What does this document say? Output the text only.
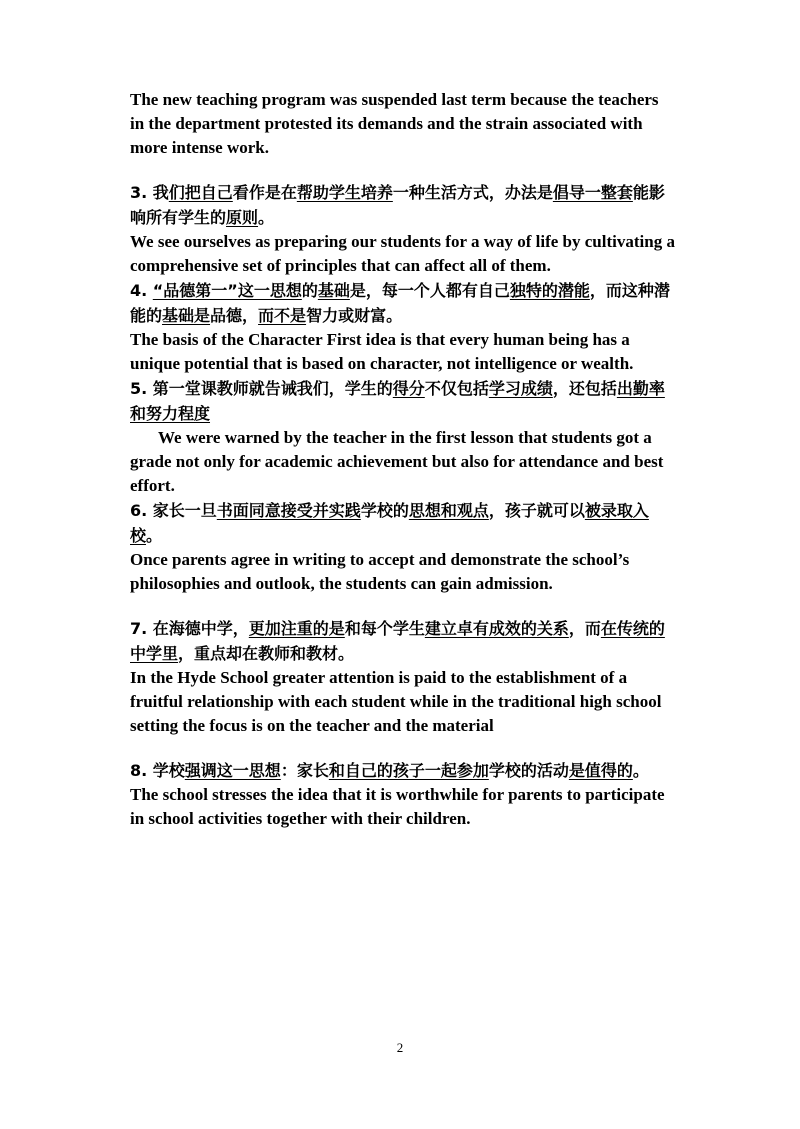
The new teaching program was suspended last term because the teachers in the department protested its demands and the strain associated with more intense work.

3. 我们把自己看作是在帮助学生培养一种生活方式，办法是倡导一整套能影响所有学生的原则。

We see ourselves as preparing our students for a way of life by cultivating a comprehensive set of principles that can affect all of them.

4. “品德第一”这一思想的基础是，每一个人都有自己独特的潜能，而这种潜能的基础是品德，而不是智力或财富。

The basis of the Character First idea is that every human being has a unique potential that is based on character, not intelligence or wealth.

5. 第一堂课教师就告诫我们，学生的得分不仅包括学习成绩，还包括出勤率和努力程度

We were warned by the teacher in the first lesson that students got a grade not only for academic achievement but also for attendance and best effort.

6. 家长一旦书面同意接受并实践学校的思想和观点，孩子就可以被录取入校。

Once parents agree in writing to accept and demonstrate the school’s philosophies and outlook, the students can gain admission.

7. 在海德中学，更加注重的是和每个学生建立卓有成效的关系，而在传统的中学里，重点却在教师和教材。

In the Hyde School greater attention is paid to the establishment of a fruitful relationship with each student while in the traditional high school setting the focus is on the teacher and the material

8. 学校强调这一思想：家长和自己的孩子一起参加学校的活动是值得的。

The school stresses the idea that it is worthwhile for parents to participate in school activities together with their children.

2
